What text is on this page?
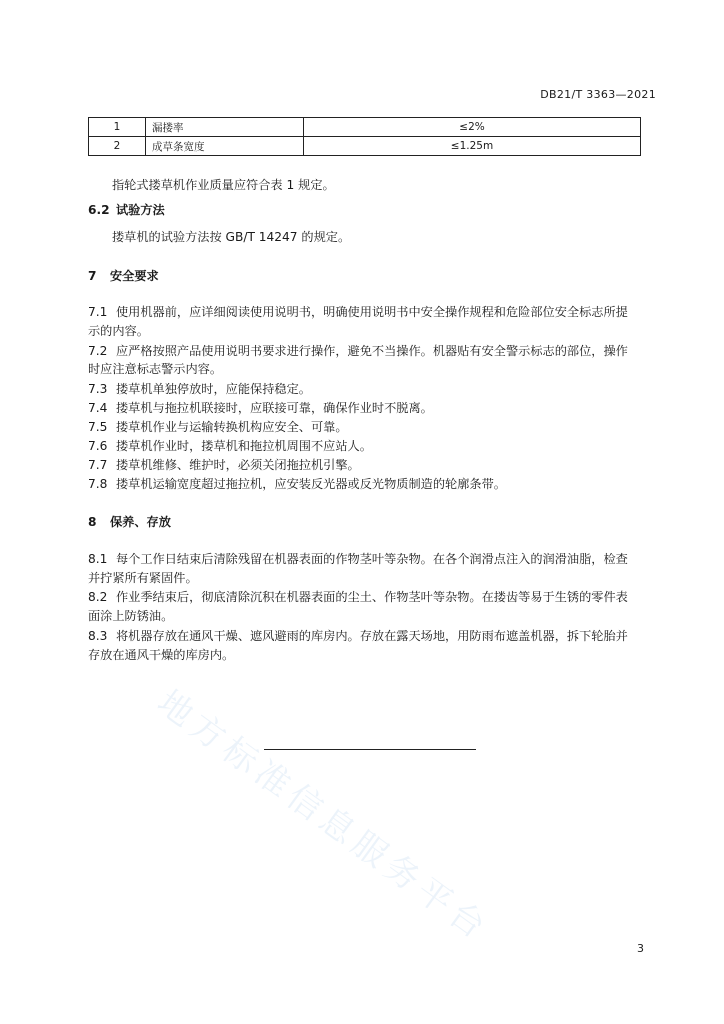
DB21/T 3363—2021
1	漏搂率	≤2%
2	成草条宽度	≤1.25m
指轮式搂草机作业质量应符合表 1 规定。
6.2 试验方法
搂草机的试验方法按 GB/T 14247 的规定。
7 安全要求
7.1 使用机器前，应详细阅读使用说明书，明确使用说明书中安全操作规程和危险部位安全标志所提
示的内容。
7.2 应严格按照产品使用说明书要求进行操作，避免不当操作。机器贴有安全警示标志的部位，操作
时应注意标志警示内容。
7.3 搂草机单独停放时，应能保持稳定。
7.4 搂草机与拖拉机联接时，应联接可靠，确保作业时不脱离。
7.5 搂草机作业与运输转换机构应安全、可靠。
7.6 搂草机作业时，搂草机和拖拉机周围不应站人。
7.7 搂草机维修、维护时，必须关闭拖拉机引擎。
7.8 搂草机运输宽度超过拖拉机，应安装反光器或反光物质制造的轮廓条带。
8 保养、存放
8.1 每个工作日结束后清除残留在机器表面的作物茎叶等杂物。在各个润滑点注入的润滑油脂，检查
并拧紧所有紧固件。
8.2 作业季结束后，彻底清除沉积在机器表面的尘土、作物茎叶等杂物。在搂齿等易于生锈的零件表
面涂上防锈油。
8.3 将机器存放在通风干燥、遮风避雨的库房内。存放在露天场地，用防雨布遮盖机器，拆下轮胎并
存放在通风干燥的库房内。
地方标准信息服务平台	3
